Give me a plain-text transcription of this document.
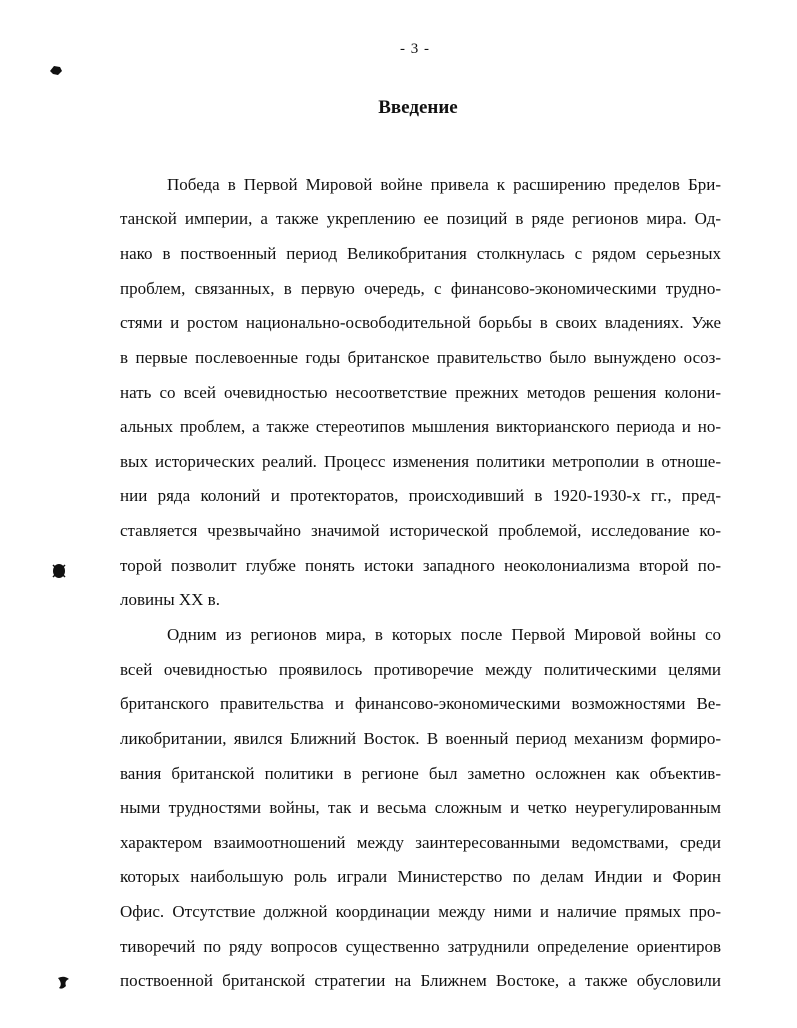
- 3 -
Введение
Победа в Первой Мировой войне привела к расширению пределов Бри-
танской империи, а также укреплению ее позиций в ряде регионов мира. Од-
нако в поствоенный период Великобритания столкнулась с рядом серьезных
проблем, связанных, в первую очередь, с финансово-экономическими трудно-
стями и ростом национально-освободительной борьбы в своих владениях. Уже
в первые послевоенные годы британское правительство было вынуждено осоз-
нать со всей очевидностью несоответствие прежних методов решения колони-
альных проблем, а также стереотипов мышления викторианского периода и но-
вых исторических реалий. Процесс изменения политики метрополии в отноше-
нии ряда колоний и протекторатов, происходивший в 1920-1930-х гг., пред-
ставляется чрезвычайно значимой исторической проблемой, исследование ко-
торой позволит глубже понять истоки западного неоколониализма второй по-
ловины XX в.
Одним из регионов мира, в которых после Первой Мировой войны со
всей очевидностью проявилось противоречие между политическими целями
британского правительства и финансово-экономическими возможностями Ве-
ликобритании, явился Ближний Восток. В военный период механизм формиро-
вания британской политики в регионе был заметно осложнен как объектив-
ными трудностями войны, так и весьма сложным и четко неурегулированным
характером взаимоотношений между заинтересованными ведомствами, среди
которых наибольшую роль играли Министерство по делам Индии и Форин
Офис. Отсутствие должной координации между ними и наличие прямых про-
тиворечий по ряду вопросов существенно затруднили определение ориентиров
поствоенной британской стратегии на Ближнем Востоке, а также обусловили
